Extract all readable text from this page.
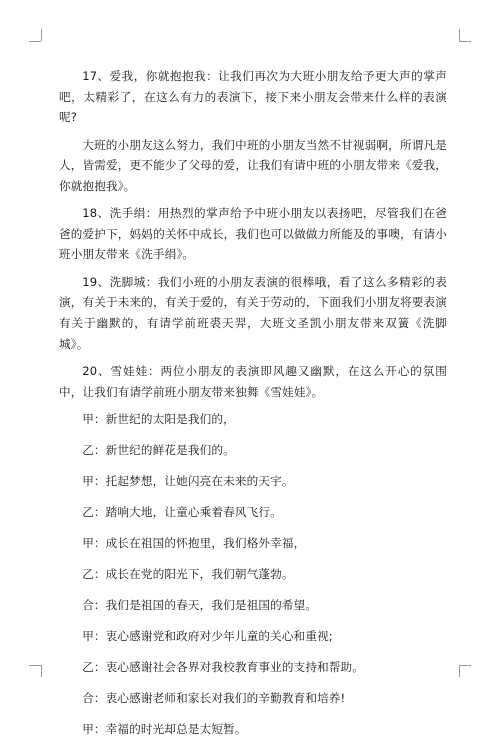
17、爱我，你就抱抱我：让我们再次为大班小朋友给予更大声的掌声吧，太精彩了，在这么有力的表演下，接下来小朋友会带来什么样的表演呢?

大班的小朋友这么努力，我们中班的小朋友当然不甘视弱啊，所谓凡是人，皆需爱，更不能少了父母的爱，让我们有请中班的小朋友带来《爱我，你就抱抱我》。

18、洗手绢：用热烈的掌声给予中班小朋友以表扬吧，尽管我们在爸爸的爱护下，妈妈的关怀中成长，我们也可以做做力所能及的事噢，有请小班小朋友带来《洗手绢》。

19、洗脚城：我们小班的小朋友表演的很棒哦，看了这么多精彩的表演，有关于未来的，有关于爱的，有关于劳动的，下面我们小朋友将要表演有关于幽默的，有请学前班裘天羿，大班文圣凯小朋友带来双簧《洗脚城》。

20、雪娃娃：两位小朋友的表演即风趣又幽默，在这么开心的氛围中，让我们有请学前班小朋友带来独舞《雪娃娃》。

甲：新世纪的太阳是我们的，

乙：新世纪的鲜花是我们的。

甲：托起梦想，让她闪亮在未来的天宇。

乙：踏响大地，让童心乘着春风飞行。

甲：成长在祖国的怀抱里，我们格外幸福，

乙：成长在党的阳光下，我们朝气蓬勃。

合：我们是祖国的春天，我们是祖国的希望。

甲：衷心感谢党和政府对少年儿童的关心和重视;

乙：衷心感谢社会各界对我校教育事业的支持和帮助。

合：衷心感谢老师和家长对我们的辛勤教育和培养!

甲：幸福的时光却总是太短暂。
